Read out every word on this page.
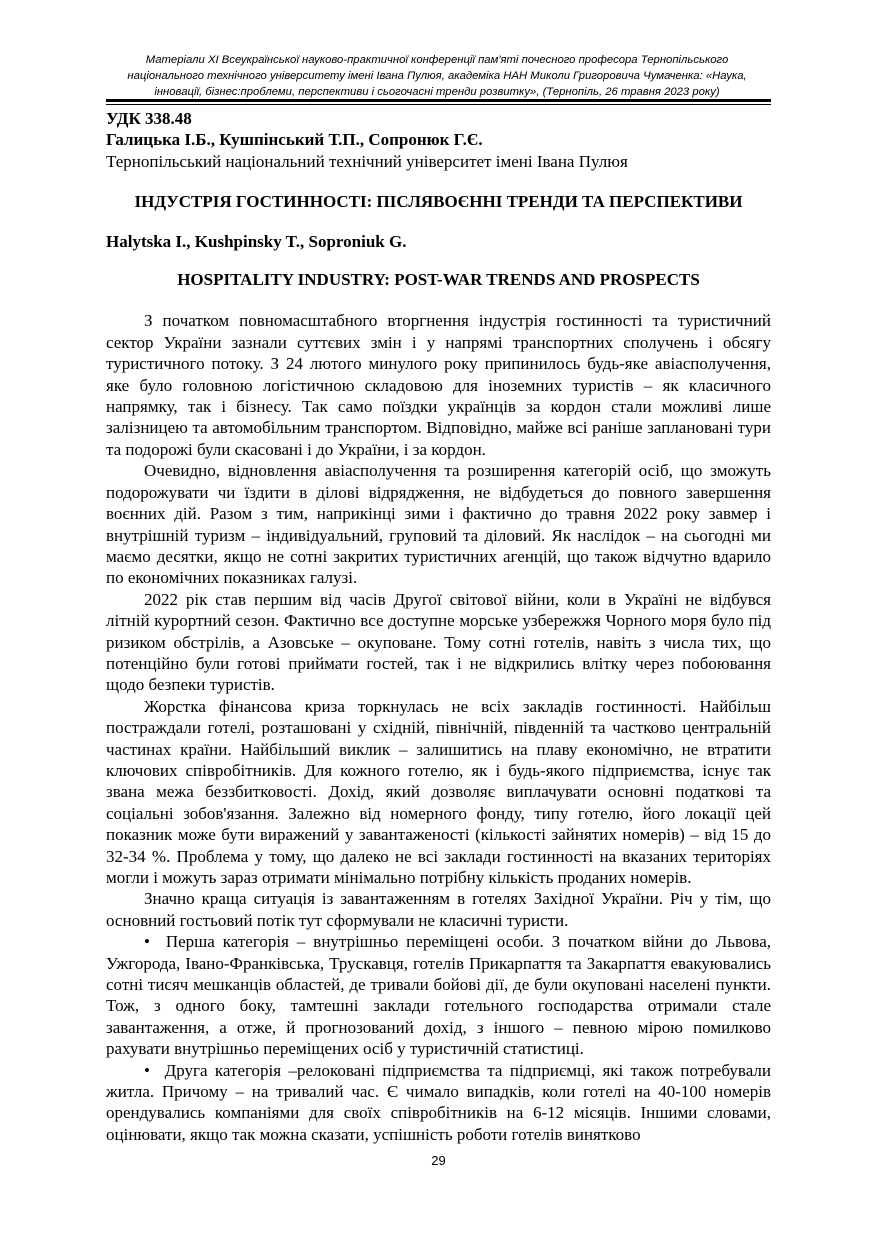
Матеріали XI Всеукраїнської науково-практичної конференції пам'яті почесного професора Тернопільського
національного технічного університету імені Івана Пулюя, академіка НАН Миколи Григоровича Чумаченка: «Наука,
інновації, бізнес:проблеми, перспективи і сьогочасні тренди розвитку», (Тернопіль, 26 травня 2023 року)

УДК 338.48

Галицька І.Б., Кушпінський Т.П., Сопронюк Г.Є.

Тернопільський національний технічний університет імені Івана Пулюя

ІНДУСТРІЯ ГОСТИННОСТІ: ПІСЛЯВОЄННІ ТРЕНДИ ТА ПЕРСПЕКТИВИ

Halytska I., Kushpinsky T., Soproniuk G.

HOSPITALITY INDUSTRY: POST-WAR TRENDS AND PROSPECTS

З початком повномасштабного вторгнення індустрія гостинності та туристичний сектор України зазнали суттєвих змін і у напрямі транспортних сполучень і обсягу туристичного потоку. З 24 лютого минулого року припинилось будь-яке авіасполучення, яке було головною логістичною складовою для іноземних туристів – як класичного напрямку, так і бізнесу. Так само поїздки українців за кордон стали можливі лише залізницею та автомобільним транспортом. Відповідно, майже всі раніше заплановані тури та подорожі були скасовані і до України, і за кордон.

Очевидно, відновлення авіасполучення та розширення категорій осіб, що зможуть подорожувати чи їздити в ділові відрядження, не відбудеться до повного завершення воєнних дій. Разом з тим, наприкінці зими і фактично до травня 2022 року завмер і внутрішній туризм – індивідуальний, груповий та діловий. Як наслідок – на сьогодні ми маємо десятки, якщо не сотні закритих туристичних агенцій, що також відчутно вдарило по економічних показниках галузі.

2022 рік став першим від часів Другої світової війни, коли в Україні не відбувся літній курортний сезон. Фактично все доступне морське узбережжя Чорного моря було під ризиком обстрілів, а Азовське – окуповане. Тому сотні готелів, навіть з числа тих, що потенційно були готові приймати гостей, так і не відкрились влітку через побоювання щодо безпеки туристів.

Жорстка фінансова криза торкнулась не всіх закладів гостинності. Найбільш постраждали готелі, розташовані у східній, північній, південній та частково центральній частинах країни. Найбільший виклик – залишитись на плаву економічно, не втратити ключових співробітників. Для кожного готелю, як і будь-якого підприємства, існує так звана межа беззбитковості. Дохід, який дозволяє виплачувати основні податкові та соціальні зобов'язання. Залежно від номерного фонду, типу готелю, його локації цей показник може бути виражений у завантаженості (кількості зайнятих номерів) – від 15 до 32-34 %. Проблема у тому, що далеко не всі заклади гостинності на вказаних територіях могли і можуть зараз отримати мінімально потрібну кількість проданих номерів.

Значно краща ситуація із завантаженням в готелях Західної України. Річ у тім, що основний гостьовий потік тут сформували не класичні туристи.

• Перша категорія – внутрішньо переміщені особи. З початком війни до Львова, Ужгорода, Івано-Франківська, Трускавця, готелів Прикарпаття та Закарпаття евакуювались сотні тисяч мешканців областей, де тривали бойові дії, де були окуповані населені пункти. Тож, з одного боку, тамтешні заклади готельного господарства отримали стале завантаження, а отже, й прогнозований дохід, з іншого – певною мірою помилково рахувати внутрішньо переміщених осіб у туристичній статистиці.

• Друга категорія –релоковані підприємства та підприємці, які також потребували житла. Причому – на тривалий час. Є чимало випадків, коли готелі на 40-100 номерів орендувались компаніями для своїх співробітників на 6-12 місяців. Іншими словами, оцінювати, якщо так можна сказати, успішність роботи готелів винятково

29
